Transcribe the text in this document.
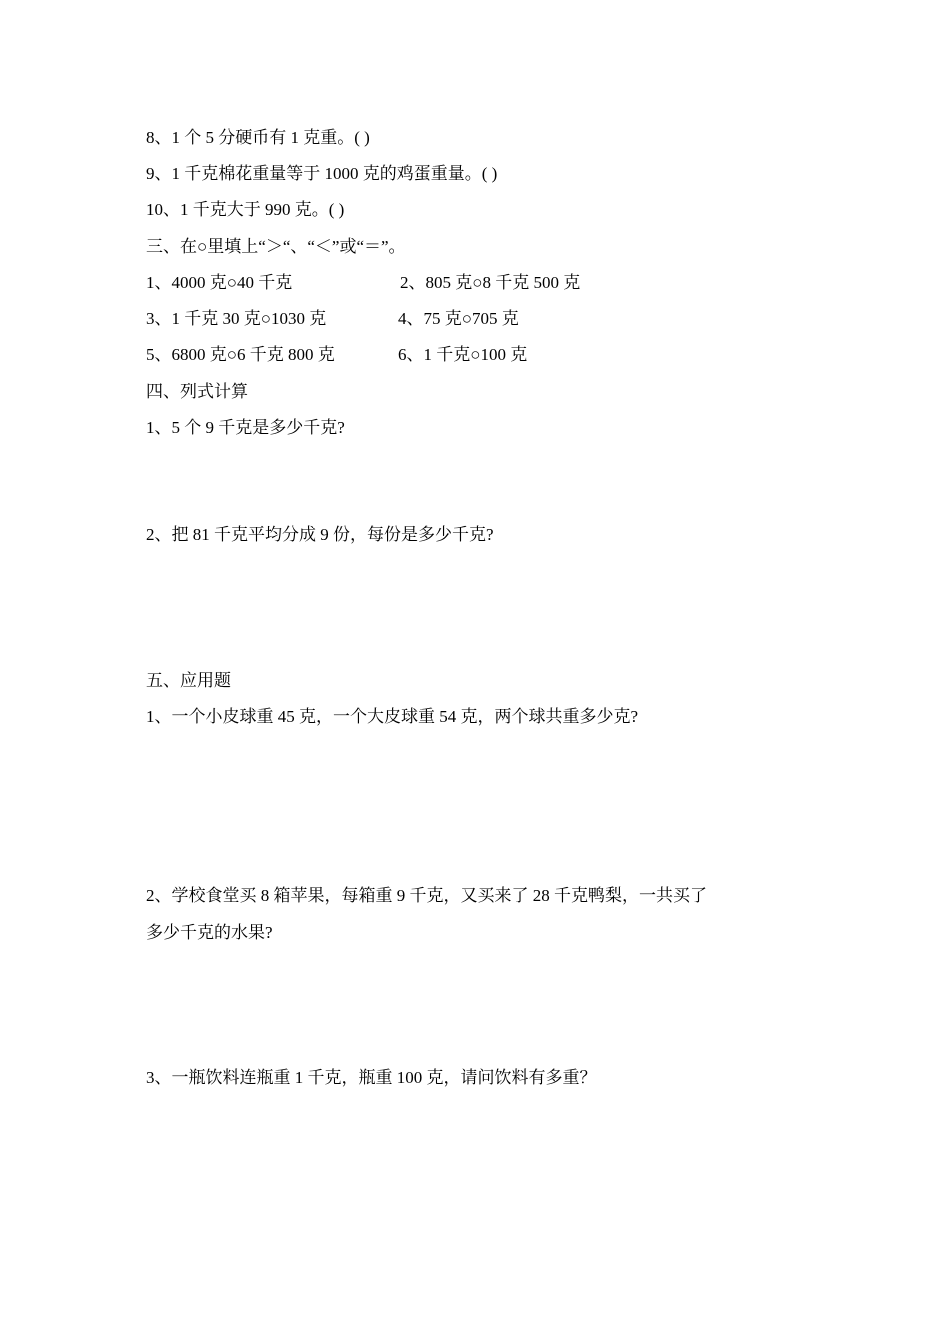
8、1 个 5 分硬币有 1 克重。( )
9、1 千克棉花重量等于 1000 克的鸡蛋重量。( )
10、1 千克大于 990 克。( )
三、在○里填上“＞“、“＜”或“＝”。
1、4000 克○40 千克	2、805 克○8 千克 500 克
3、1 千克 30 克○1030 克	4、75 克○705 克
5、6800 克○6 千克 800 克	6、1 千克○100 克
四、列式计算
1、5 个 9 千克是多少千克?
2、把 81 千克平均分成 9 份，每份是多少千克?
五、应用题
1、一个小皮球重 45 克，一个大皮球重 54 克，两个球共重多少克?
2、学校食堂买 8 箱苹果，每箱重 9 千克，又买来了 28 千克鸭梨，一共买了
多少千克的水果?
3、一瓶饮料连瓶重 1 千克，瓶重 100 克，请问饮料有多重？
